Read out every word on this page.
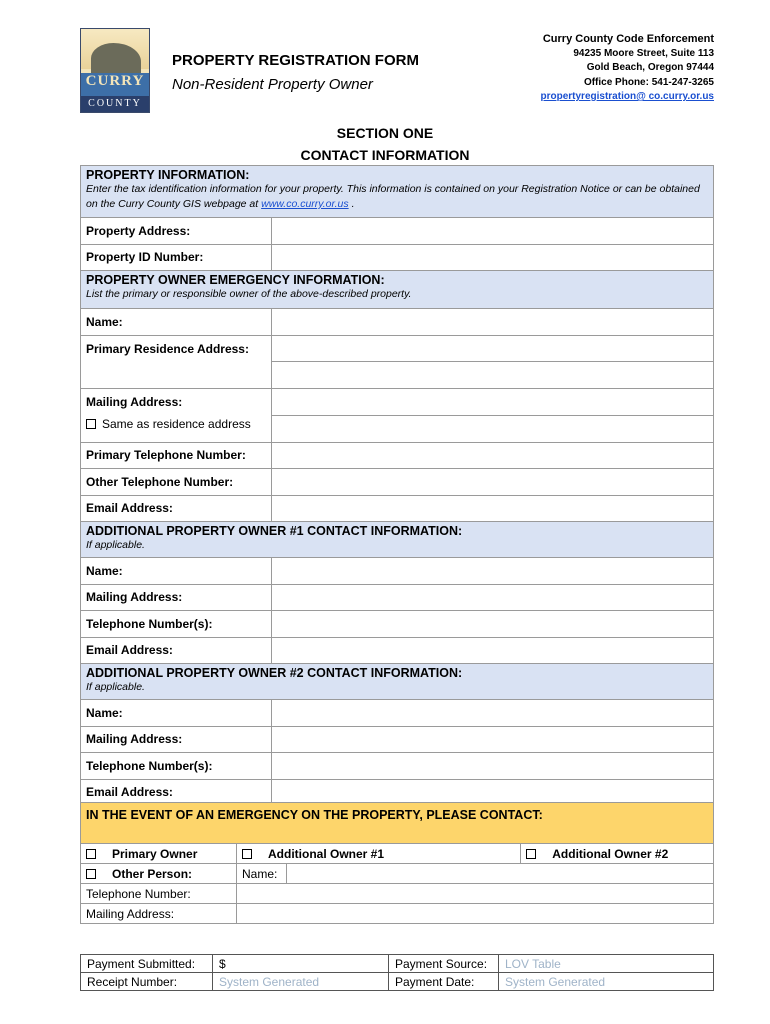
CURRY
COUNTY
PROPERTY REGISTRATION FORM
Non-Resident Property Owner
Curry County Code Enforcement
94235 Moore Street, Suite 113
Gold Beach, Oregon 97444
Office Phone: 541-247-3265
propertyregistration@ co.curry.or.us
SECTION ONE
CONTACT INFORMATION
PROPERTY INFORMATION:
Enter the tax identification information for your property. This information is contained on your Registration Notice or can be obtained on the Curry County GIS webpage at www.co.curry.or.us .	

Property Address:	
Property ID Number:	

PROPERTY OWNER EMERGENCY INFORMATION:
List the primary or responsible owner of the above-described property.	

Name:	
Primary Residence Address:	

Mailing Address:
Same as residence address	

Primary Telephone Number:	
Other Telephone Number:	
Email Address:	

ADDITIONAL PROPERTY OWNER #1 CONTACT INFORMATION:
If applicable.	

Name:	
Mailing Address:	
Telephone Number(s):	
Email Address:	

ADDITIONAL PROPERTY OWNER #2 CONTACT INFORMATION:
If applicable.	

Name:	
Mailing Address:	
Telephone Number(s):	
Email Address:	
IN THE EVENT OF AN EMERGENCY ON THE PROPERTY, PLEASE CONTACT:			
Primary Owner	Additional Owner #1		Additional Owner #2
Other Person:	Name:		
Telephone Number:			
Mailing Address:			
Payment Submitted:	$	Payment Source:	LOV Table
Receipt Number:	System Generated	Payment Date:	System Generated
